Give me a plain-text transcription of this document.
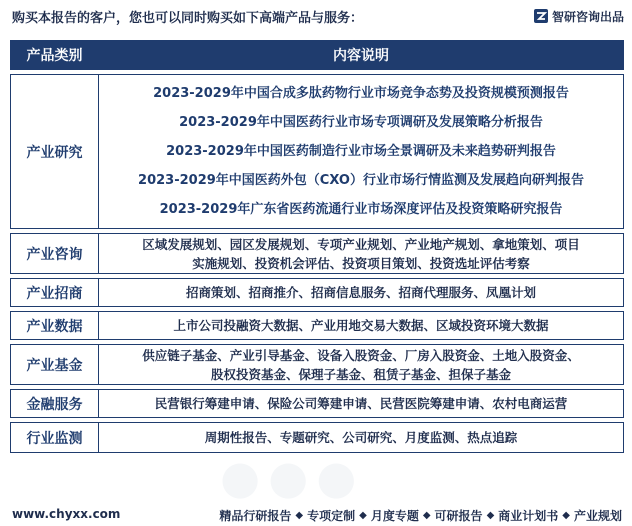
购买本报告的客户，您也可以同时购买如下高端产品与服务：	智研咨询出品
●●●
产品类别	内容说明

产业研究	2023-2029年中国合成多肽药物行业市场竞争态势及投资规模预测报告
2023-2029年中国医药行业市场专项调研及发展策略分析报告
2023-2029年中国医药制造行业市场全景调研及未来趋势研判报告
2023-2029年中国医药外包（CXO）行业市场行情监测及发展趋向研判报告
2023-2029年广东省医药流通行业市场深度评估及投资策略研究报告

产业咨询	区域发展规划、园区发展规划、专项产业规划、产业地产规划、拿地策划、项目
实施规划、投资机会评估、投资项目策划、投资选址评估考察

产业招商	招商策划、招商推介、招商信息服务、招商代理服务、凤凰计划

产业数据	上市公司投融资大数据、产业用地交易大数据、区域投资环境大数据

产业基金	供应链子基金、产业引导基金、设备入股资金、厂房入股资金、土地入股资金、
股权投资基金、保理子基金、租赁子基金、担保子基金

金融服务	民营银行筹建申请、保险公司筹建申请、民营医院筹建申请、农村电商运营

行业监测	周期性报告、专题研究、公司研究、月度监测、热点追踪
www.chyxx.com	精品行研报告 ◆ 专项定制 ◆ 月度专题 ◆ 可研报告 ◆ 商业计划书 ◆ 产业规划
